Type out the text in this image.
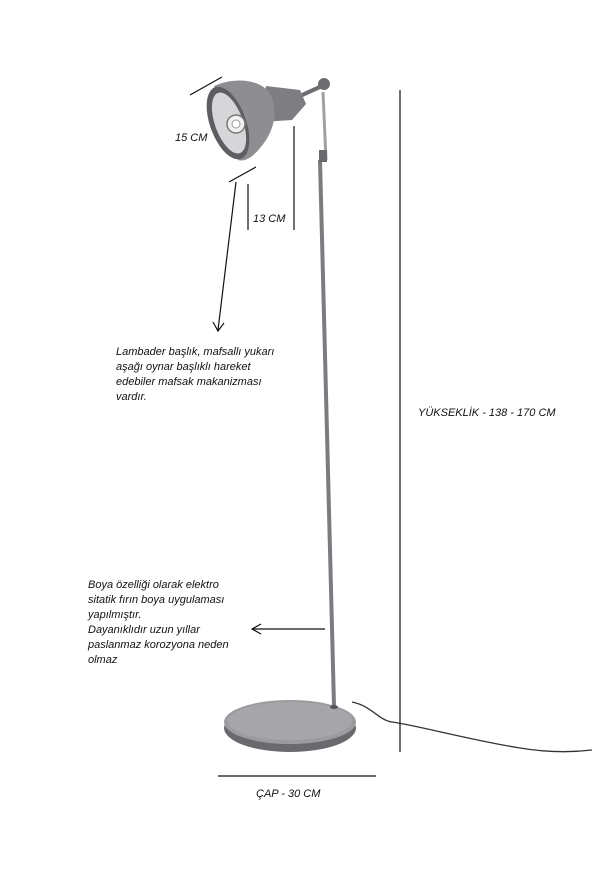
15 CM
13 CM
YÜKSEKLİK - 138 - 170 CM
ÇAP - 30 CM
Lambader başlık, mafsallı yukarı
aşağı oynar başlıklı hareket
edebiler mafsak makanizması
vardır.
Boya özelliği olarak elektro
sitatik fırın boya uygulaması
yapılmıştır.
Dayanıklıdır uzun yıllar
paslanmaz korozyona neden
olmaz
